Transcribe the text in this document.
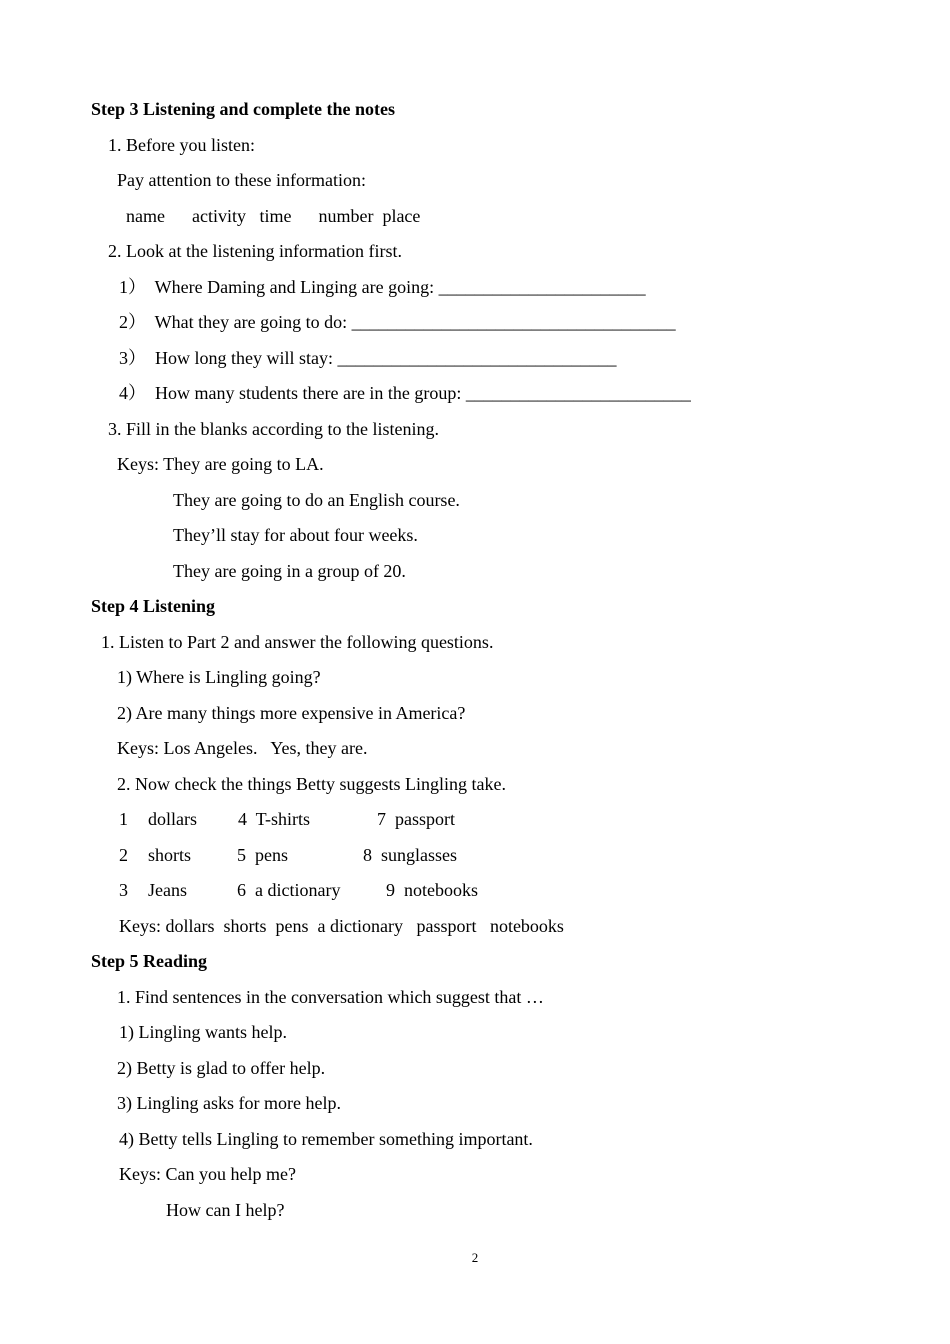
Step 3 Listening and complete the notes
1. Before you listen:
Pay attention to these information:
name      activity   time      number  place
2. Look at the listening information first.
1）  Where Daming and Linging are going: _______________________
2）  What they are going to do: ____________________________________
3）  How long they will stay: _______________________________
4）  How many students there are in the group: _________________________
3. Fill in the blanks according to the listening.
Keys: They are going to LA.
They are going to do an English course.
They’ll stay for about four weeks.
They are going in a group of 20.
Step 4 Listening
1. Listen to Part 2 and answer the following questions.
1) Where is Lingling going?
2) Are many things more expensive in America?
Keys: Los Angeles.   Yes, they are.
2. Now check the things Betty suggests Lingling take.
1 dollars 4  T-shirts	7  passport
2 shorts	5  pens	8  sunglasses
3 Jeans	6  a dictionary	9  notebooks
Keys: dollars  shorts  pens  a dictionary   passport   notebooks
Step 5 Reading
1. Find sentences in the conversation which suggest that …
1) Lingling wants help.
2) Betty is glad to offer help.
3) Lingling asks for more help.
4) Betty tells Lingling to remember something important.
Keys: Can you help me?
How can I help?
2
